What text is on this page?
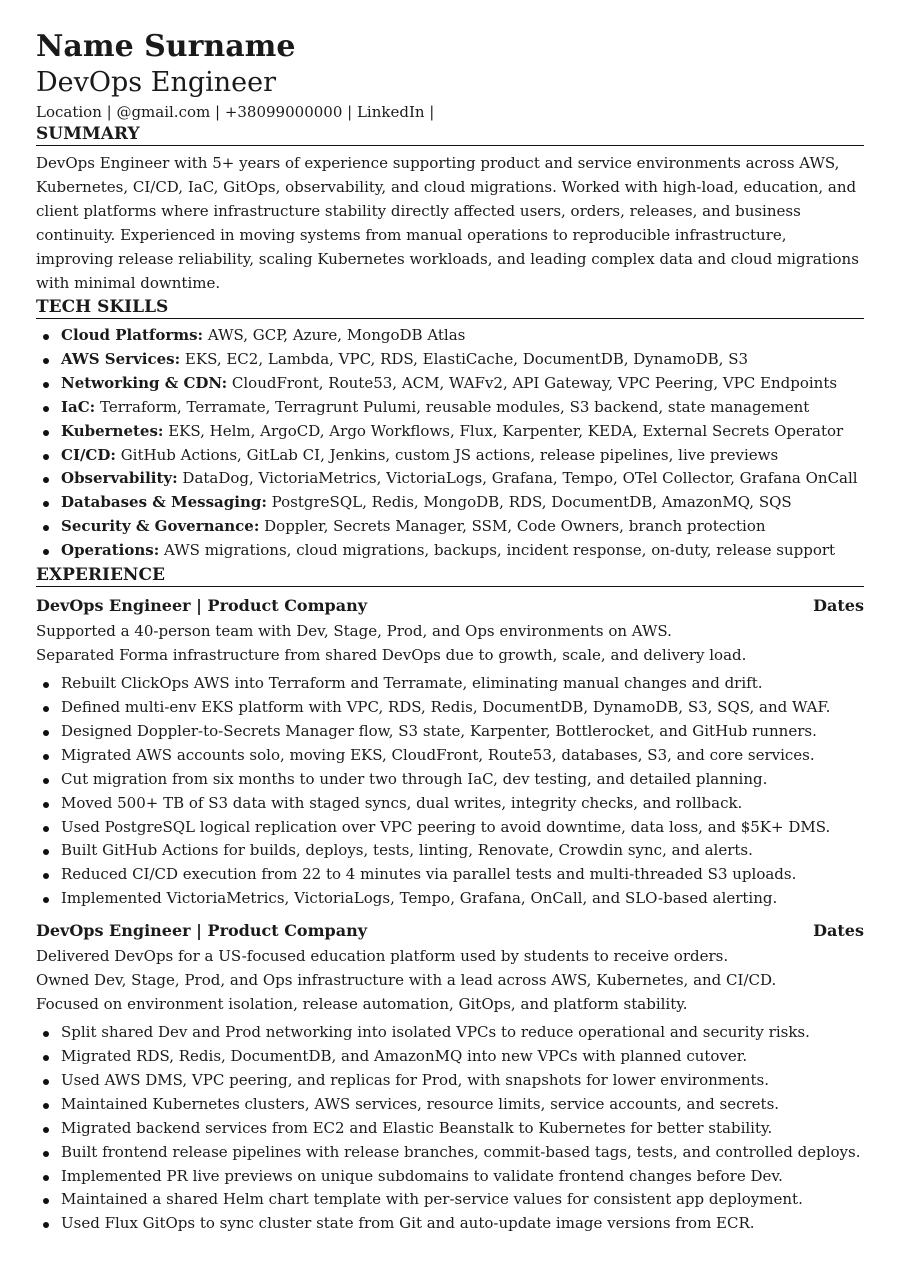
Name Surname
DevOps Engineer
Location | @gmail.com | +38099000000 | LinkedIn |
SUMMARY

DevOps Engineer with 5+ years of experience supporting product and service environments across AWS, Kubernetes, CI/CD, IaC, GitOps, observability, and cloud migrations. Worked with high-load, education, and client platforms where infrastructure stability directly affected users, orders, releases, and business continuity. Experienced in moving systems from manual operations to reproducible infrastructure, improving release reliability, scaling Kubernetes workloads, and leading complex data and cloud migrations with minimal downtime.

TECH SKILLS
Cloud Platforms: AWS, GCP, Azure, MongoDB Atlas
AWS Services: EKS, EC2, Lambda, VPC, RDS, ElastiCache, DocumentDB, DynamoDB, S3
Networking & CDN: CloudFront, Route53, ACM, WAFv2, API Gateway, VPC Peering, VPC Endpoints
IaC: Terraform, Terramate, Terragrunt Pulumi, reusable modules, S3 backend, state management
Kubernetes: EKS, Helm, ArgoCD, Argo Workflows, Flux, Karpenter, KEDA, External Secrets Operator
CI/CD: GitHub Actions, GitLab CI, Jenkins, custom JS actions, release pipelines, live previews
Observability: DataDog, VictoriaMetrics, VictoriaLogs, Grafana, Tempo, OTel Collector, Grafana OnCall
Databases & Messaging: PostgreSQL, Redis, MongoDB, RDS, DocumentDB, AmazonMQ, SQS
Security & Governance: Doppler, Secrets Manager, SSM, Code Owners, branch protection
Operations: AWS migrations, cloud migrations, backups, incident response, on-duty, release support
EXPERIENCE
DevOps Engineer | Product Company	Dates

Supported a 40-person team with Dev, Stage, Prod, and Ops environments on AWS.

Separated Forma infrastructure from shared DevOps due to growth, scale, and delivery load.

Rebuilt ClickOps AWS into Terraform and Terramate, eliminating manual changes and drift.
Defined multi-env EKS platform with VPC, RDS, Redis, DocumentDB, DynamoDB, S3, SQS, and WAF.
Designed Doppler-to-Secrets Manager flow, S3 state, Karpenter, Bottlerocket, and GitHub runners.
Migrated AWS accounts solo, moving EKS, CloudFront, Route53, databases, S3, and core services.
Cut migration from six months to under two through IaC, dev testing, and detailed planning.
Moved 500+ TB of S3 data with staged syncs, dual writes, integrity checks, and rollback.
Used PostgreSQL logical replication over VPC peering to avoid downtime, data loss, and $5K+ DMS.
Built GitHub Actions for builds, deploys, tests, linting, Renovate, Crowdin sync, and alerts.
Reduced CI/CD execution from 22 to 4 minutes via parallel tests and multi-threaded S3 uploads.
Implemented VictoriaMetrics, VictoriaLogs, Tempo, Grafana, OnCall, and SLO-based alerting.
DevOps Engineer | Product Company	Dates

Delivered DevOps for a US-focused education platform used by students to receive orders.

Owned Dev, Stage, Prod, and Ops infrastructure with a lead across AWS, Kubernetes, and CI/CD.

Focused on environment isolation, release automation, GitOps, and platform stability.

Split shared Dev and Prod networking into isolated VPCs to reduce operational and security risks.
Migrated RDS, Redis, DocumentDB, and AmazonMQ into new VPCs with planned cutover.
Used AWS DMS, VPC peering, and replicas for Prod, with snapshots for lower environments.
Maintained Kubernetes clusters, AWS services, resource limits, service accounts, and secrets.
Migrated backend services from EC2 and Elastic Beanstalk to Kubernetes for better stability.
Built frontend release pipelines with release branches, commit-based tags, tests, and controlled deploys.
Implemented PR live previews on unique subdomains to validate frontend changes before Dev.
Maintained a shared Helm chart template with per-service values for consistent app deployment.
Used Flux GitOps to sync cluster state from Git and auto-update image versions from ECR.
